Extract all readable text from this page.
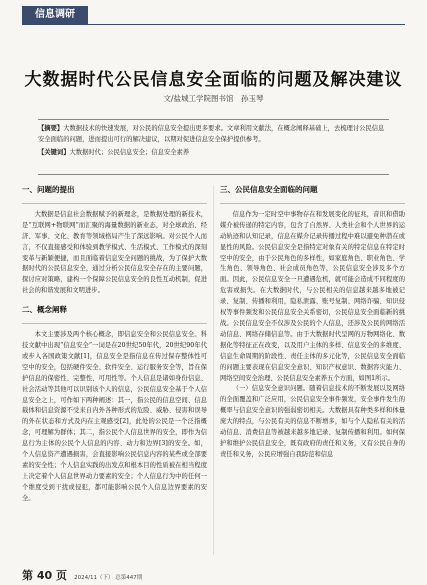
信息调研
大数据时代公民信息安全面临的问题及解决建议
文/盐城工学院图书馆　孙玉琴
【摘要】大数据技术的快速发展，对公民的信息安全提出更多要求。文章利用文献法，在概念阐释基础上，去梳理讨公民信息安全面临的问题，进而提出可行的解决建议，以期对促进信息安全保护提供参考。
【关键词】大数据时代；公民信息安全；信息安全素养
一、问题的提出

大数据是信息社会数据赋予的新理念，是数据处理的新技术，是“互联网+物联网”而汇聚的海量数据的新业态，对全球政治、经济、军事、文化、教育等领域格局产生了深远影响。对公民个人而言，不仅直接感受和体验到教学模式、生活模式、工作模式的深刻变革与新颖便捷，而且面临着信息安全问题的挑战，为了保护大数据时代的公民信息安全，通过分析公民信息安全存在的主要问题，探讨应对策略，建构一个保障公民信息安全的良性互动机制，促进社会的和谐发展和文明进步。

二、概念阐释

本文主要涉及两个核心概念，即信息安全和公民信息安全。科技文献中出现“信息安全”一词是在20世纪50年代，20世纪90年代或步入各国政策文献[1]，信息安全是指信息在传过保存整体性可空中的安全，包括硬件安全、软件安全、运行服务安全等，旨在保护信息的保密性、完整性、可用性等。个人信息是诸如身份信息、社会活动等其他可以识别该个人的信息，公民信息安全基于个人信息安全之上，可作如下两种阐述：其一，指公民的信息空间、信息载体和信息资源不受来自内外各种形式的危险、威胁、侵害和误导的外在状态和方式及内在主观感受[2]，此处的公民是一个泛指概念，可理解为群体；其二，指公民个人信息世界的安全，即作为信息行为主体的公民个人信息的内容、动力和边界[3]的安全。如，个人信息资产遭遇损害，会直接影响公民信息内容的某些或全部要素的安全性；个人信息实践的出发点和根本目的性质被在相当程度上决定着个人信息世界动力要素的安全；个人信息行为中的任何一个维度受到干扰或侵犯，都可能影响公民个人信息边界要素的安全。

三、公民信息安全面临的问题

信息作为一定时空中事物存在和发展变化的征兆，音讯和借助媒介被传递的特定内容，包含了自然界、人类社会和个人世界的运动轨迹和认知记录，信息在媒介记录传播过程中难以避免种潜在或显性的风险。公民信息安全是指特定对象有关的特定信息在特定时空中的安全，由于公民角色的多样性，如家庭角色、职业角色、学生角色、领导角色、社会成员角色等，公民信息安全涉及多个方面。因此，公民信息安全一旦遭遇危机，就可能会造成不同程度的危害或损失。在大数据时代，与公民相关的信息越来越多地被记录、复制、传播和利用，隐私泄露、账号复制、网络诈骗、知识侵权等事件频发和公民信息安全关系密切，公民信息安全面临新的挑战。公民信息安全不仅涉及公民的个人信息，还涉及公民的网络活动信息、网络存储信息等。由于大数据时代呈网的万物网络化、数据化等特征正在改变，以及用户主体的多样、信息安全的多维度、信息生命周期的阶段性、责任主体的多元化等，公民信息安全面临的问题主要表现在信息安全意识、知识产权意识、数据容灾能力、网络空间安全治理、公民信息安全素养五个方面，如图1所示。

（一）信息安全意识问题。随着信息技术的不断发展以及网络的全面覆盖和广泛应用，公民信息安全事件频发，安全事件发生的概率与信息安全意识的强弱密切相关。大数据具有种类多样和体量庞大的特点，与公民有关的信息不断增多，如与个人隐私有关的活动信息、消费信息等被越来越多地记录、复制传播和利用。如何保护和维护公民信息安全，既有政府的责任和义务，又有公民自身的责任和义务，公民应增强自我防范和信息

第 40 页 2024/11（下） 总第447期
